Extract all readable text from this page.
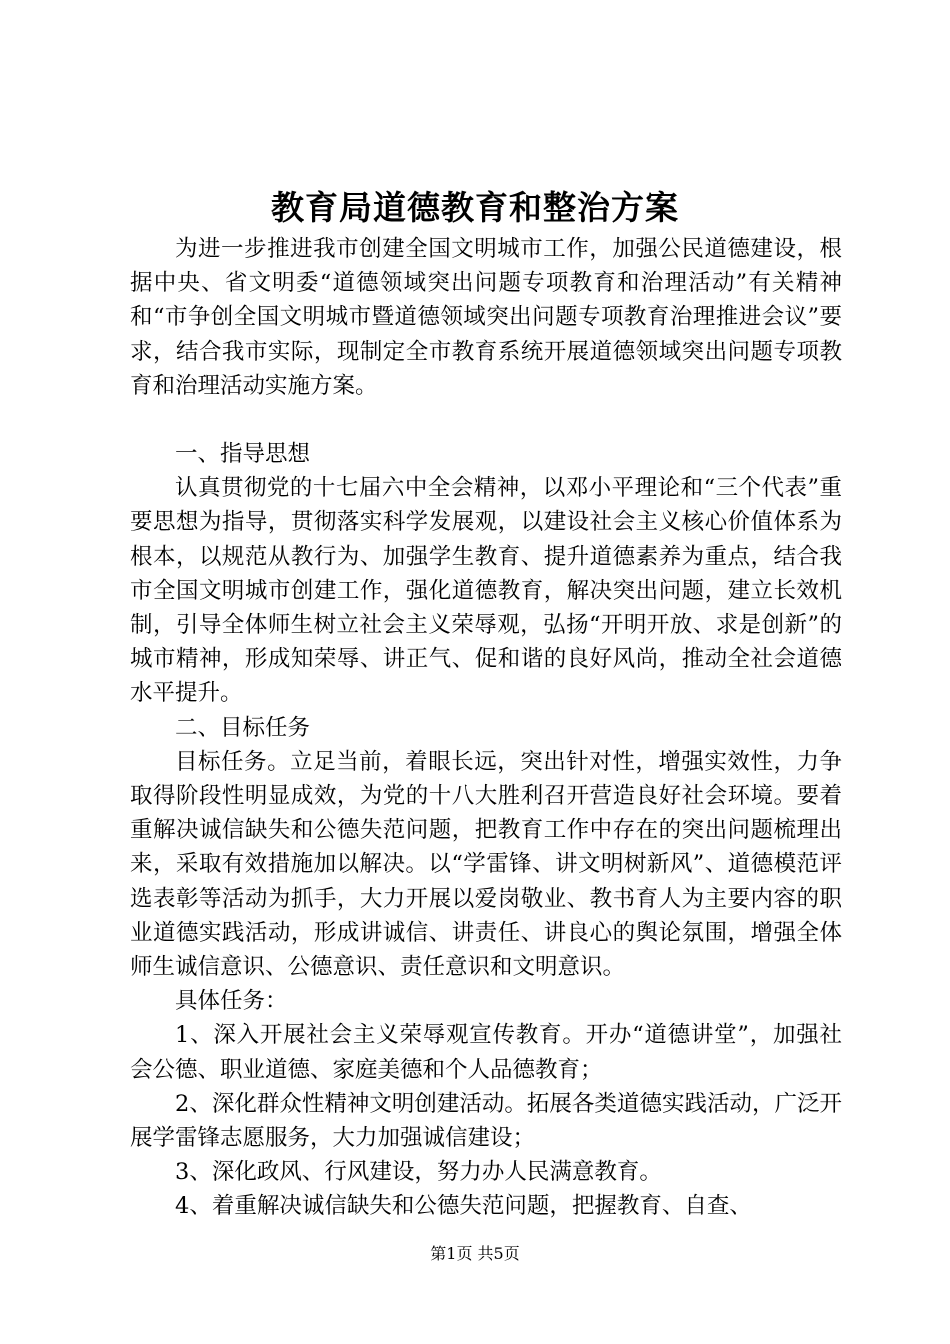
教育局道德教育和整治方案

为进一步推进我市创建全国文明城市工作，加强公民道德建设，根据中央、省文明委“道德领域突出问题专项教育和治理活动”有关精神和“市争创全国文明城市暨道德领域突出问题专项教育治理推进会议”要求，结合我市实际，现制定全市教育系统开展道德领域突出问题专项教育和治理活动实施方案。

一、指导思想

认真贯彻党的十七届六中全会精神，以邓小平理论和“三个代表”重要思想为指导，贯彻落实科学发展观，以建设社会主义核心价值体系为根本，以规范从教行为、加强学生教育、提升道德素养为重点，结合我市全国文明城市创建工作，强化道德教育，解决突出问题，建立长效机制，引导全体师生树立社会主义荣辱观，弘扬“开明开放、求是创新”的城市精神，形成知荣辱、讲正气、促和谐的良好风尚，推动全社会道德水平提升。

二、目标任务

目标任务。立足当前，着眼长远，突出针对性，增强实效性，力争取得阶段性明显成效，为党的十八大胜利召开营造良好社会环境。要着重解决诚信缺失和公德失范问题，把教育工作中存在的突出问题梳理出来，采取有效措施加以解决。以“学雷锋、讲文明树新风”、道德模范评选表彰等活动为抓手，大力开展以爱岗敬业、教书育人为主要内容的职业道德实践活动，形成讲诚信、讲责任、讲良心的舆论氛围，增强全体师生诚信意识、公德意识、责任意识和文明意识。

具体任务：

1、深入开展社会主义荣辱观宣传教育。开办“道德讲堂”，加强社会公德、职业道德、家庭美德和个人品德教育；

2、深化群众性精神文明创建活动。拓展各类道德实践活动，广泛开展学雷锋志愿服务，大力加强诚信建设；

3、深化政风、行风建设，努力办人民满意教育。

4、着重解决诚信缺失和公德失范问题，把握教育、自查、

第1页 共5页
